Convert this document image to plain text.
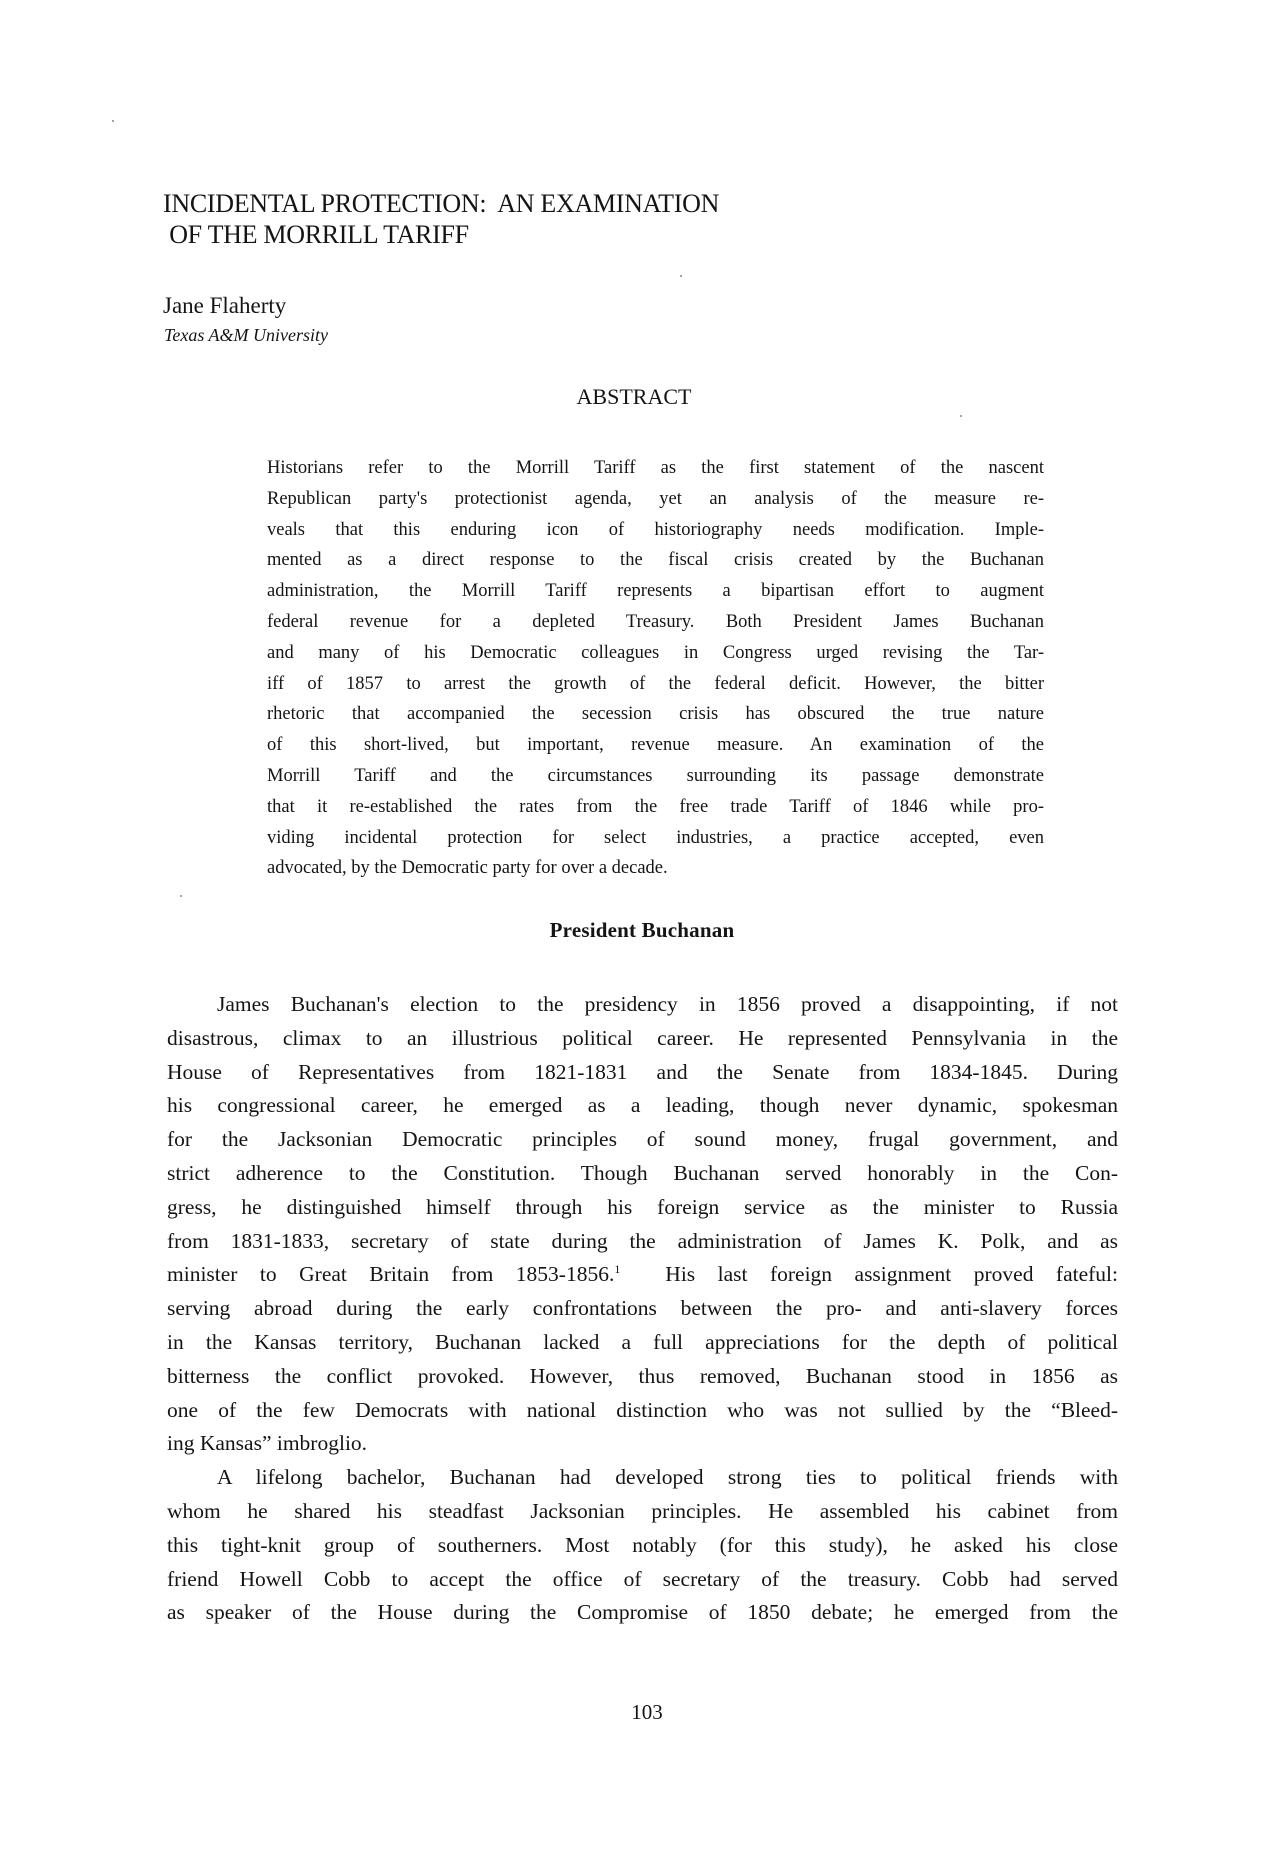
INCIDENTAL PROTECTION:  AN EXAMINATION
OF THE MORRILL TARIFF
Jane Flaherty
Texas A&M University
ABSTRACT
Historians refer to the Morrill Tariff as the first statement of the nascent
Republican party's protectionist agenda, yet an analysis of the measure re-
veals that this enduring icon of historiography needs modification. Imple-
mented as a direct response to the fiscal crisis created by the Buchanan
administration, the Morrill Tariff represents a bipartisan effort to augment
federal revenue for a depleted Treasury. Both President James Buchanan
and many of his Democratic colleagues in Congress urged revising the Tar-
iff of 1857 to arrest the growth of the federal deficit. However, the bitter
rhetoric that accompanied the secession crisis has obscured the true nature
of this short-lived, but important, revenue measure. An examination of the
Morrill Tariff and the circumstances surrounding its passage demonstrate
that it re-established the rates from the free trade Tariff of 1846 while pro-
viding incidental protection for select industries, a practice accepted, even
advocated, by the Democratic party for over a decade.
President Buchanan
James Buchanan's election to the presidency in 1856 proved a disappointing, if not
disastrous, climax to an illustrious political career. He represented Pennsylvania in the
House of Representatives from 1821-1831 and the Senate from 1834-1845. During
his congressional career, he emerged as a leading, though never dynamic, spokesman
for the Jacksonian Democratic principles of sound money, frugal government, and
strict adherence to the Constitution. Though Buchanan served honorably in the Con-
gress, he distinguished himself through his foreign service as the minister to Russia
from 1831-1833, secretary of state during the administration of James K. Polk, and as
minister to Great Britain from 1853-1856.$^1$  His last foreign assignment proved fateful:
serving abroad during the early confrontations between the pro- and anti-slavery forces
in the Kansas territory, Buchanan lacked a full appreciations for the depth of political
bitterness the conflict provoked. However, thus removed, Buchanan stood in 1856 as
one of the few Democrats with national distinction who was not sullied by the “Bleed-
ing Kansas” imbroglio.
A lifelong bachelor, Buchanan had developed strong ties to political friends with
whom he shared his steadfast Jacksonian principles. He assembled his cabinet from
this tight-knit group of southerners. Most notably (for this study), he asked his close
friend Howell Cobb to accept the office of secretary of the treasury. Cobb had served
as speaker of the House during the Compromise of 1850 debate; he emerged from the
103
